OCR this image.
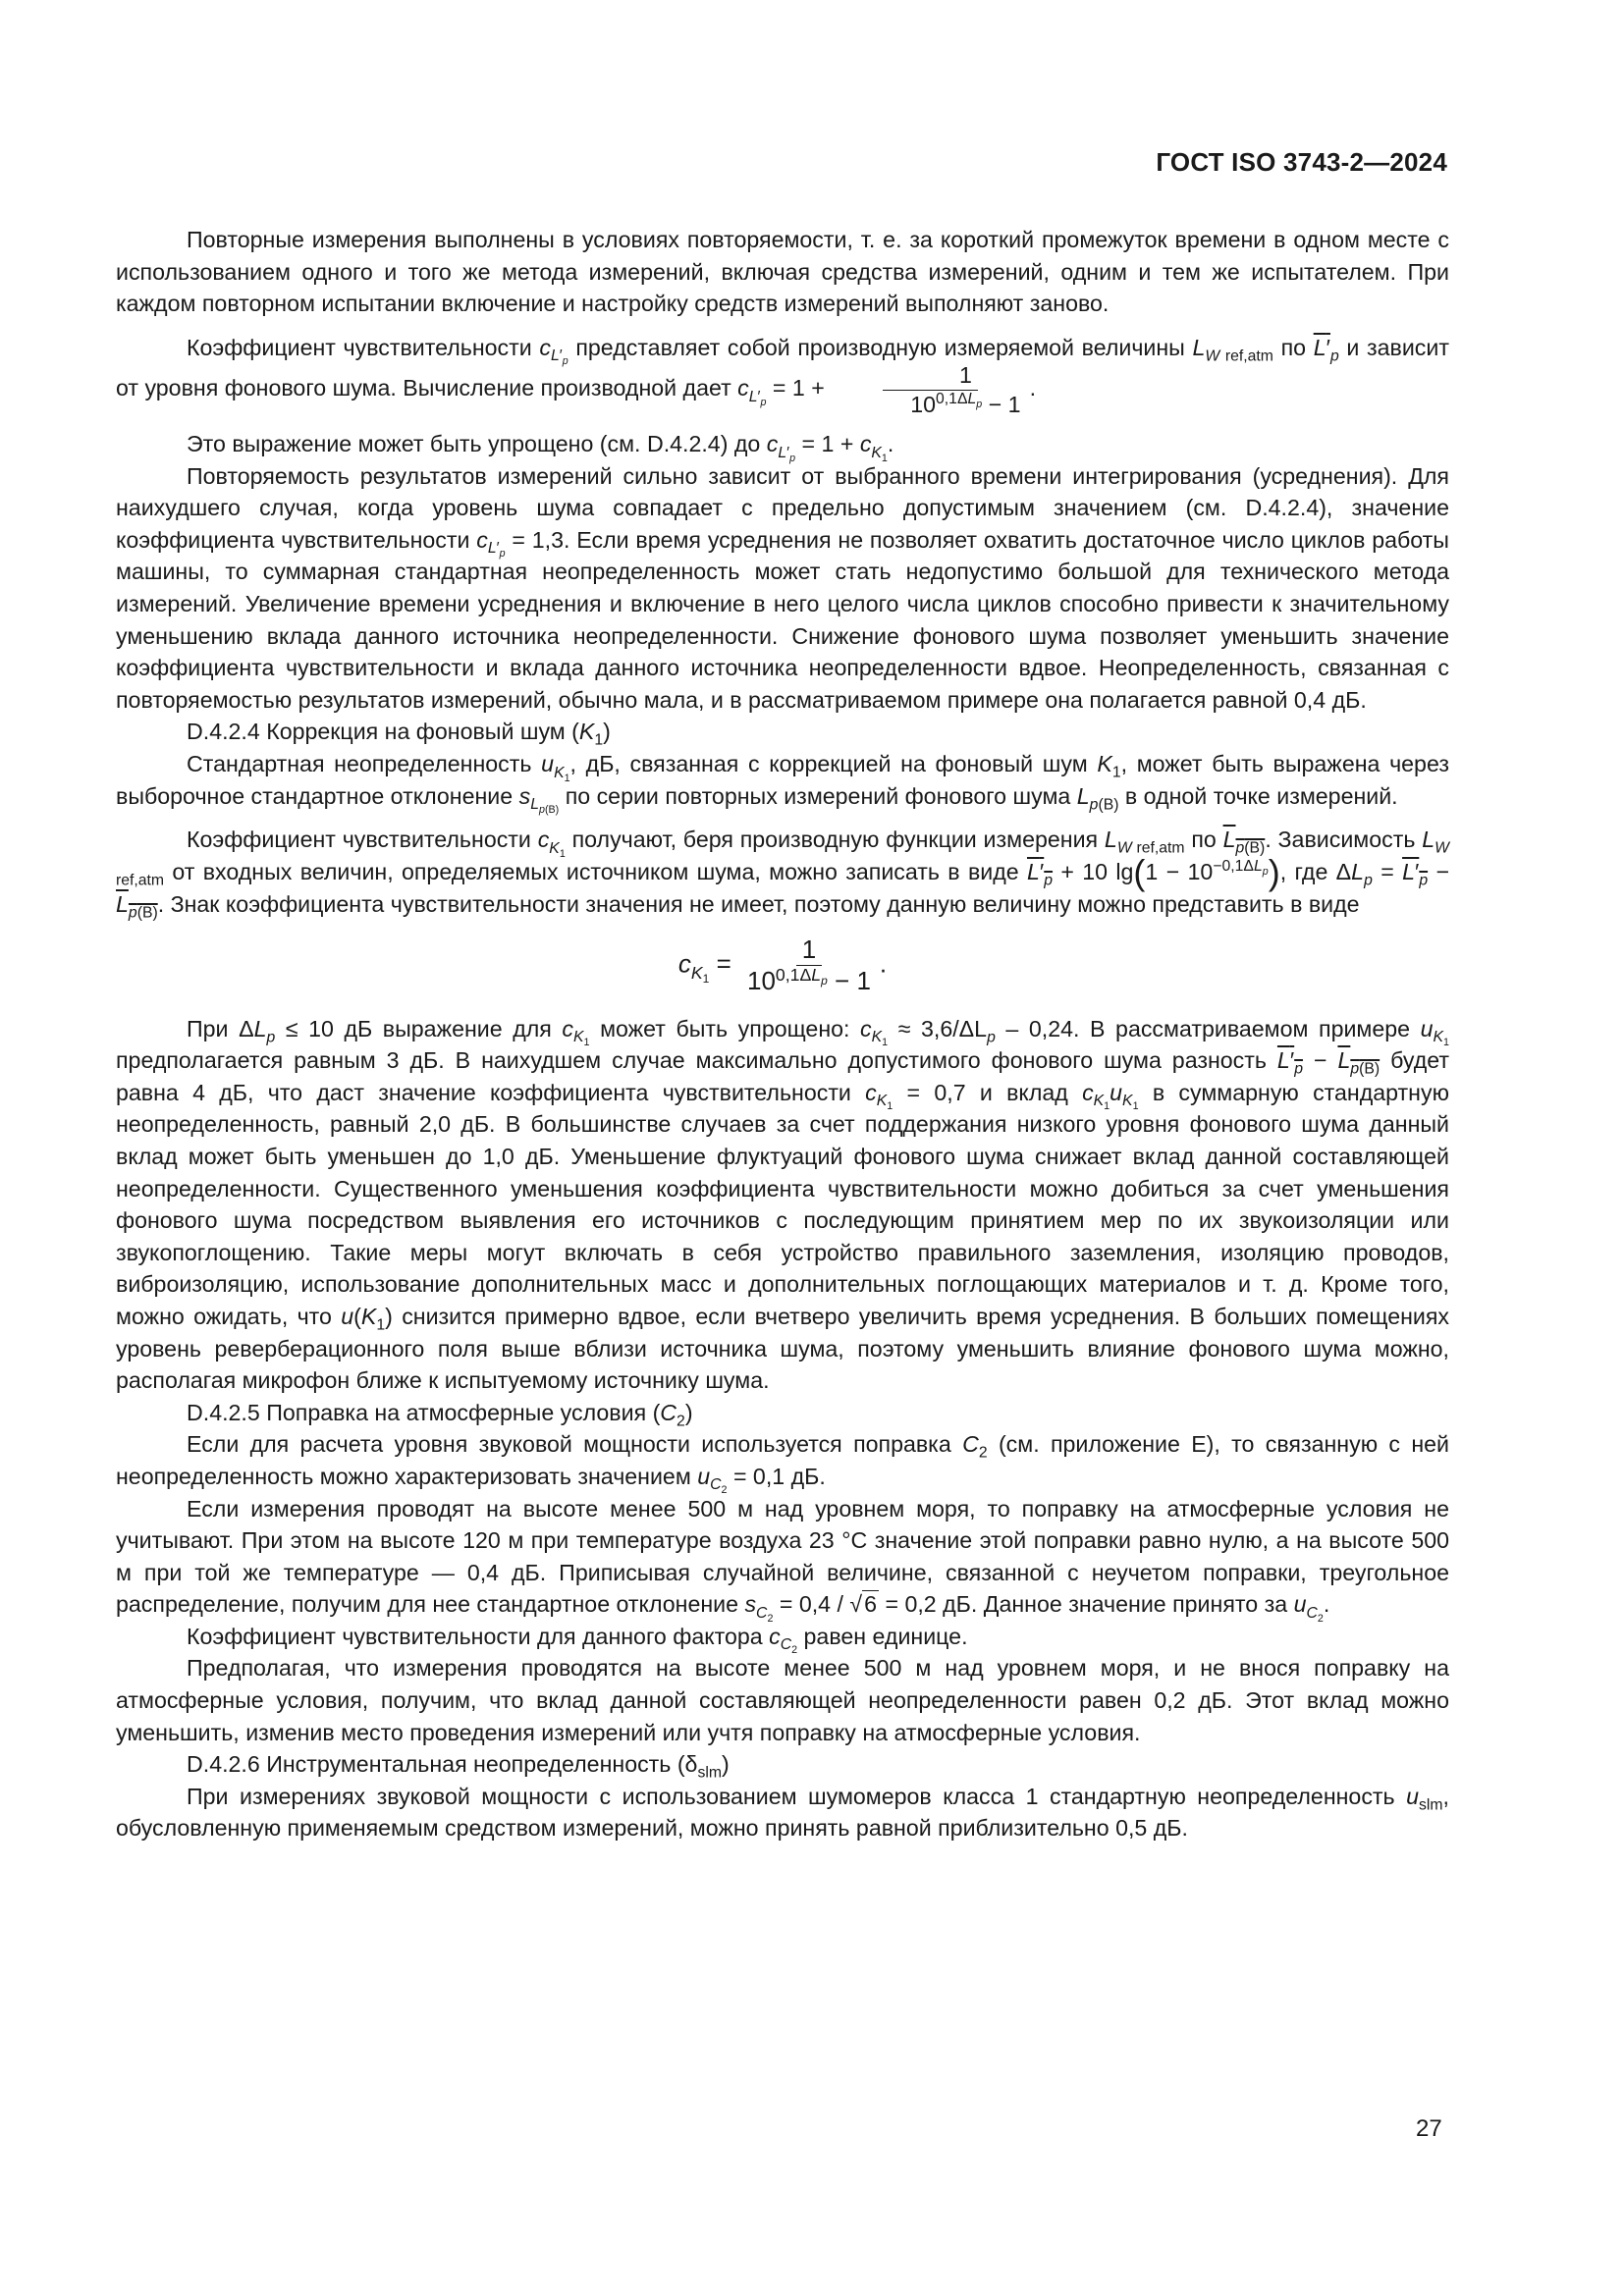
ГОСТ ISO 3743-2—2024

Повторные измерения выполнены в условиях повторяемости, т. е. за короткий промежуток времени в одном месте с использованием одного и того же метода измерений, включая средства измерений, одним и тем же испытателем. При каждом повторном испытании включение и настройку средств измерений выполняют заново.

Коэффициент чувствительности $c_{L'_p}$ представляет собой производную измеряемой величины $L_{W ref,atm}$ по $L'_p$ и зависит от уровня фонового шума. Вычисление производной дает $c_{L'_p} = 1 + \frac{1}{10^{0,1\Delta L_p} - 1}$ .

Это выражение может быть упрощено (см. D.4.2.4) до $c_{L'_p} = 1 + c_{K_1}$.

Повторяемость результатов измерений сильно зависит от выбранного времени интегрирования (усреднения). Для наихудшего случая, когда уровень шума совпадает с предельно допустимым значением (см. D.4.2.4), значение коэффициента чувствительности $c_{L'_p} = 1,3$. Если время усреднения не позволяет охватить достаточное число циклов работы машины, то суммарная стандартная неопределенность может стать недопустимо большой для технического метода измерений. Увеличение времени усреднения и включение в него целого числа циклов способно привести к значительному уменьшению вклада данного источника неопределенности. Снижение фонового шума позволяет уменьшить значение коэффициента чувствительности и вклада данного источника неопределенности вдвое. Неопределенность, связанная с повторяемостью результатов измерений, обычно мала, и в рассматриваемом примере она полагается равной 0,4 дБ.

D.4.2.4 Коррекция на фоновый шум $(K_1)$

Стандартная неопределенность $u_{K_1}$, дБ, связанная с коррекцией на фоновый шум $K_1$, может быть выражена через выборочное стандартное отклонение $s_{L_{p(B)}}$ по серии повторных измерений фонового шума $L_{p(B)}$ в одной точке измерений.

Коэффициент чувствительности $c_{K_1}$ получают, беря производную функции измерения $L_{W ref,atm}$ по $L_{p(B)}$. Зависимость $L_{W ref,atm}$ от входных величин, определяемых источником шума, можно записать в виде $L'_p + 10$ $\lg(1 - 10^{-0,1\Delta L_p})$, где $\Delta L_p = L'_p - L_{p(B)}$. Знак коэффициента чувствительности значения не имеет, поэтому данную величину можно представить в виде

$c_{K_1} = \frac{1}{10^{0,1\Delta L_p} - 1}$ .

При $\Delta L_p \le 10$ дБ выражение для $c_{K_1}$ может быть упрощено: $c_{K_1} \approx 3,6/\Delta L_p - 0,24$. В рассматриваемом примере $u_{K_1}$ предполагается равным 3 дБ. В наихудшем случае максимально допустимого фонового шума разность $L'_p - L_{p(B)}$ будет равна 4 дБ, что даст значение коэффициента чувствительности $c_{K_1} = 0,7$ и вклад $c_{K_1}u_{K_1}$ в суммарную стандартную неопределенность, равный 2,0 дБ. В большинстве случаев за счет поддержания низкого уровня фонового шума данный вклад может быть уменьшен до 1,0 дБ. Уменьшение флуктуаций фонового шума снижает вклад данной составляющей неопределенности. Существенного уменьшения коэффициента чувствительности можно добиться за счет уменьшения фонового шума посредством выявления его источников с последующим принятием мер по их звукоизоляции или звукопоглощению. Такие меры могут включать в себя устройство правильного заземления, изоляцию проводов, виброизоляцию, использование дополнительных масс и дополнительных поглощающих материалов и т. д. Кроме того, можно ожидать, что $u(K_1)$ снизится примерно вдвое, если вчетверо увеличить время усреднения. В больших помещениях уровень реверберационного поля выше вблизи источника шума, поэтому уменьшить влияние фонового шума можно, располагая микрофон ближе к испытуемому источнику шума.

D.4.2.5 Поправка на атмосферные условия $(C_2)$

Если для расчета уровня звуковой мощности используется поправка $C_2$ (см. приложение Е), то связанную с ней неопределенность можно характеризовать значением $u_{C_2} = 0,1$ дБ.

Если измерения проводят на высоте менее 500 м над уровнем моря, то поправку на атмосферные условия не учитывают. При этом на высоте 120 м при температуре воздуха 23 °С значение этой поправки равно нулю, а на высоте 500 м при той же температуре — 0,4 дБ. Приписывая случайной величине, связанной с неучетом поправки, треугольное распределение, получим для нее стандартное отклонение $s_{C_2} = 0,4 / √6 = 0,2$ дБ. Данное значение принято за $u_{C_2}$.

Коэффициент чувствительности для данного фактора $c_{C_2}$ равен единице.

Предполагая, что измерения проводятся на высоте менее 500 м над уровнем моря, и не внося поправку на атмосферные условия, получим, что вклад данной составляющей неопределенности равен 0,2 дБ. Этот вклад можно уменьшить, изменив место проведения измерений или учтя поправку на атмосферные условия.

D.4.2.6 Инструментальная неопределенность $(\delta_{slm})$

При измерениях звуковой мощности с использованием шумомеров класса 1 стандартную неопределенность $u_{slm}$, обусловленную применяемым средством измерений, можно принять равной приблизительно 0,5 дБ.

27
